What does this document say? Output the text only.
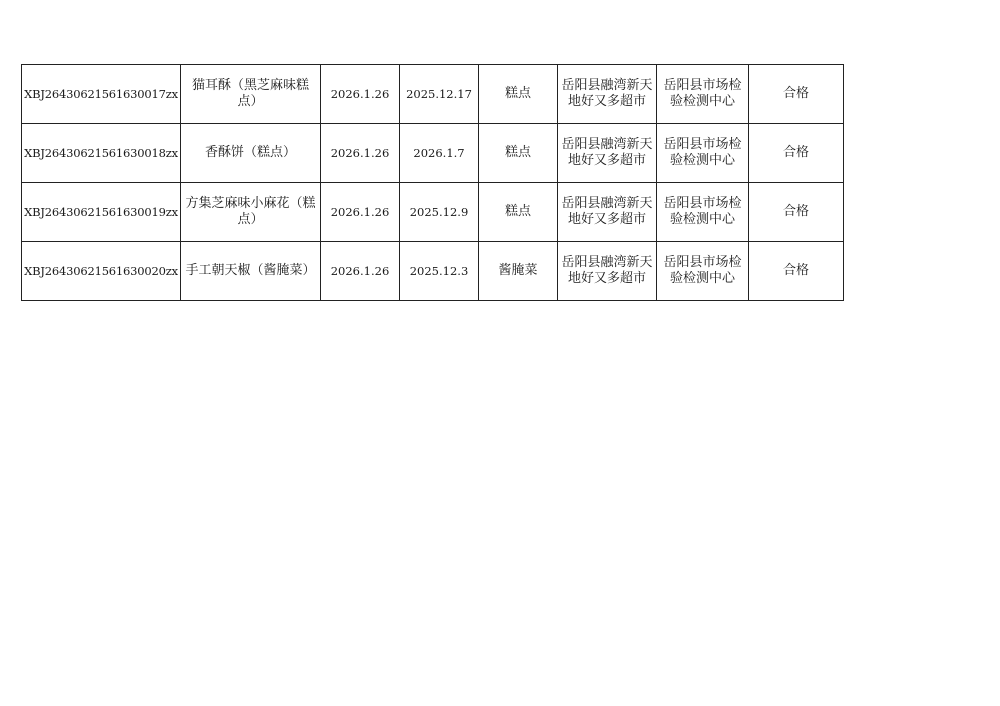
XBJ26430621561630017zx	猫耳酥（黑芝麻味糕点）	2026.1.26	2025.12.17	糕点	岳阳县融湾新天地好又多超市	岳阳县市场检验检测中心	合格
XBJ26430621561630018zx	香酥饼（糕点）	2026.1.26	2026.1.7	糕点	岳阳县融湾新天地好又多超市	岳阳县市场检验检测中心	合格
XBJ26430621561630019zx	方集芝麻味小麻花（糕点）	2026.1.26	2025.12.9	糕点	岳阳县融湾新天地好又多超市	岳阳县市场检验检测中心	合格
XBJ26430621561630020zx	手工朝天椒（酱腌菜）	2026.1.26	2025.12.3	酱腌菜	岳阳县融湾新天地好又多超市	岳阳县市场检验检测中心	合格
